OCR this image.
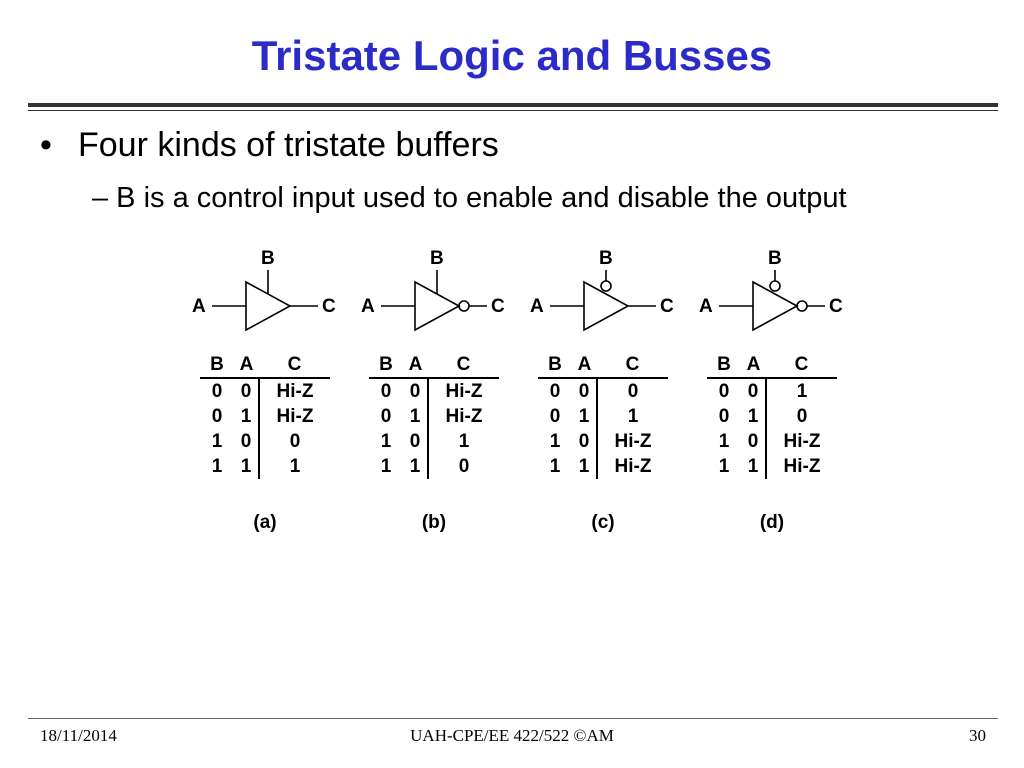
Tristate Logic and Busses
• Four kinds of tristate buffers
– B is a control input used to enable and disable the output
A
B
C
B	A	C
0	0	Hi-Z
0	1	Hi-Z
1	0	0
1	1	1
(a)
A
B
C
B	A	C
0	0	Hi-Z
0	1	Hi-Z
1	0	1
1	1	0
(b)
A
B
C
B	A	C
0	0	0
0	1	1
1	0	Hi-Z
1	1	Hi-Z
(c)
A
B
C
B	A	C
0	0	1
0	1	0
1	0	Hi-Z
1	1	Hi-Z
(d)
18/11/2014	UAH-CPE/EE 422/522 ©AM	30
